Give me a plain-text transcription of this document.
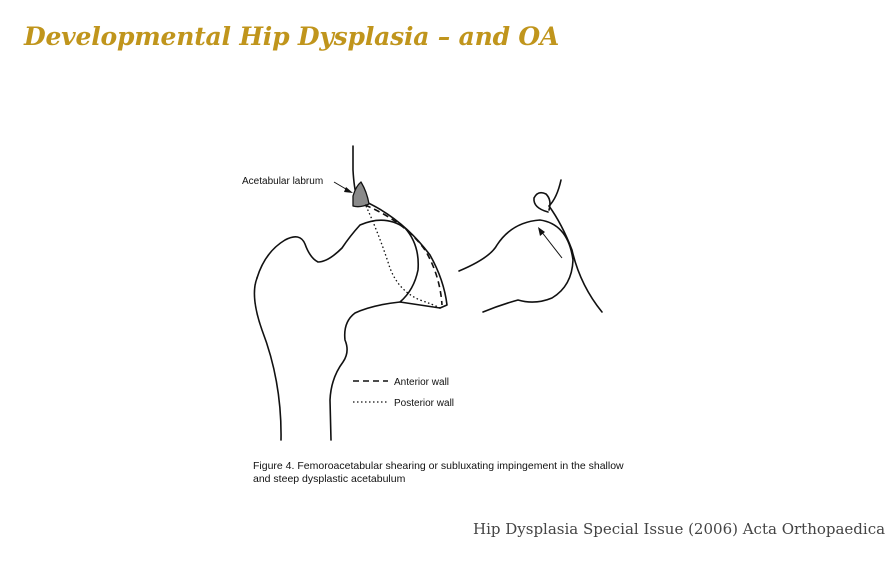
Developmental Hip Dysplasia – and OA
Acetabular labrum
Anterior wall
Posterior wall

Figure 4. Femoroacetabular shearing or subluxating impingement in the shallow and steep dysplastic acetabulum

Hip Dysplasia Special Issue (2006) Acta Orthopaedica
